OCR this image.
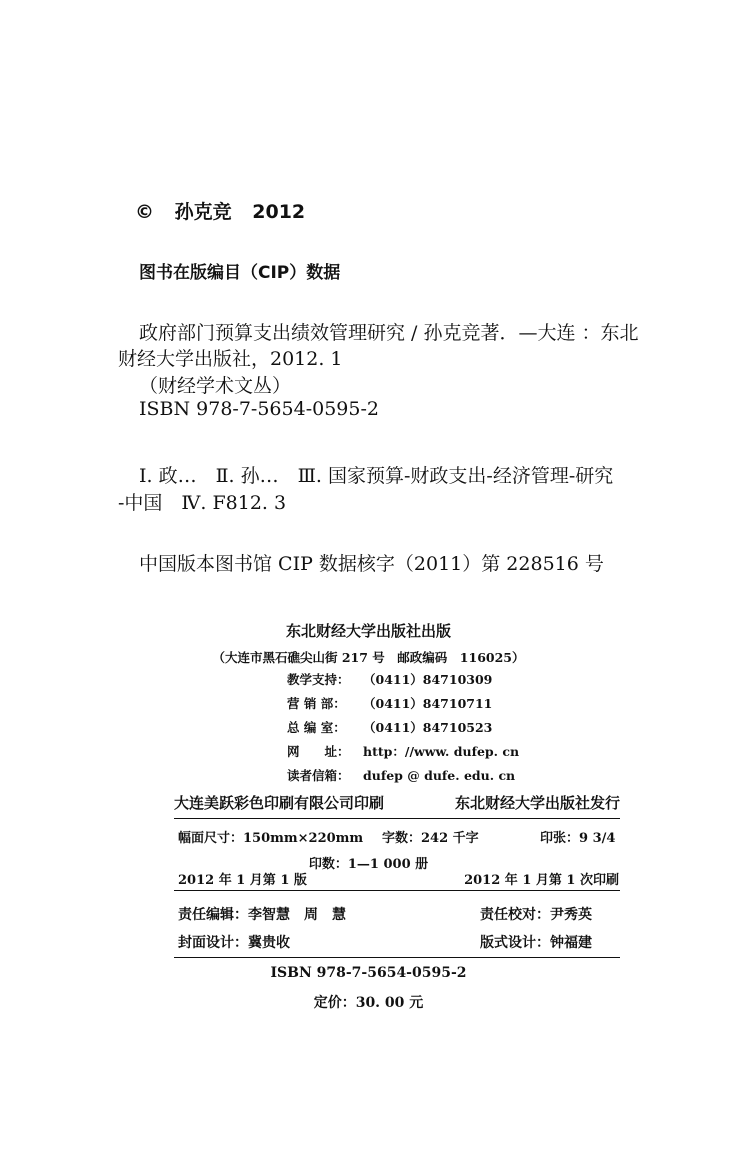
© 孙克竞 2012
图书在版编目（CIP）数据
政府部门预算支出绩效管理研究 / 孙克竞著．—大连 ：东北
财经大学出版社，2012. 1
（财经学术文丛）
ISBN 978-7-5654-0595-2
Ⅰ. 政…　Ⅱ. 孙…　Ⅲ. 国家预算-财政支出-经济管理-研究
-中国　Ⅳ. F812. 3
中国版本图书馆 CIP 数据核字（2011）第 228516 号
东北财经大学出版社出版
（大连市黑石礁尖山街 217 号　邮政编码　116025）
教学支持： （0411）84710309
营 销 部： （0411）84710711
总 编 室： （0411）84710523
网　　址： http：//www. dufep. cn
读者信箱： dufep @ dufe. edu. cn
大连美跃彩色印刷有限公司印刷	东北财经大学出版社发行
幅面尺寸：150mm×220mm 字数：242 千字	印张：9 3/4
印数：1—1 000 册
2012 年 1 月第 1 版	2012 年 1 月第 1 次印刷
责任编辑：李智慧　周　慧	责任校对：尹秀英
封面设计：冀贵收	版式设计：钟福建
ISBN 978-7-5654-0595-2
定价：30. 00 元
